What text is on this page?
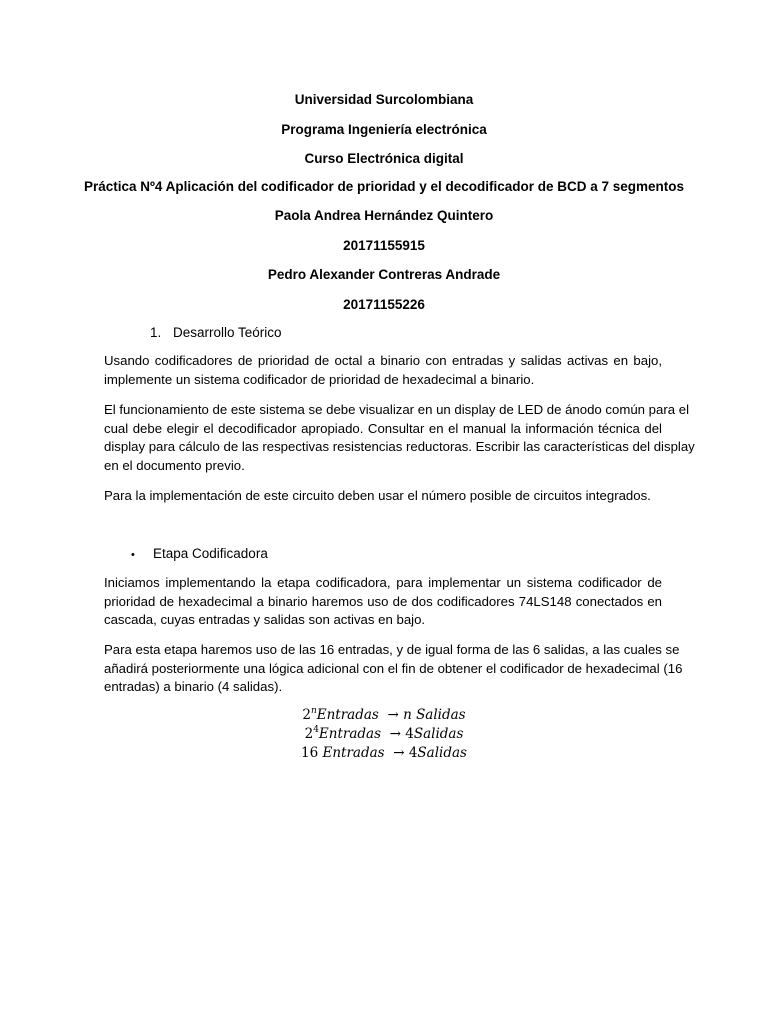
Universidad Surcolombiana
Programa Ingeniería electrónica
Curso Electrónica digital
Práctica Nº4 Aplicación del codificador de prioridad y el decodificador de BCD a 7 segmentos
Paola Andrea Hernández Quintero
20171155915
Pedro Alexander Contreras Andrade
20171155226
1. Desarrollo Teórico
Usando codificadores de prioridad de octal a binario con entradas y salidas activas en bajo,
implemente un sistema codificador de prioridad de hexadecimal a binario.
El funcionamiento de este sistema se debe visualizar en un display de LED de ánodo común para el
cual debe elegir el decodificador apropiado. Consultar en el manual la información técnica del
display para cálculo de las respectivas resistencias reductoras. Escribir las características del display
en el documento previo.
Para la implementación de este circuito deben usar el número posible de circuitos integrados.
• Etapa Codificadora
Iniciamos implementando la etapa codificadora, para implementar un sistema codificador de
prioridad de hexadecimal a binario haremos uso de dos codificadores 74LS148 conectados en
cascada, cuyas entradas y salidas son activas en bajo.
Para esta etapa haremos uso de las 16 entradas, y de igual forma de las 6 salidas, a las cuales se
añadirá posteriormente una lógica adicional con el fin de obtener el codificador de hexadecimal (16
entradas) a binario (4 salidas).
$2^nEntradas \to n$ Salidas
$2^4Entradas$ → 4Salidas
16 Entradas → 4Salidas
